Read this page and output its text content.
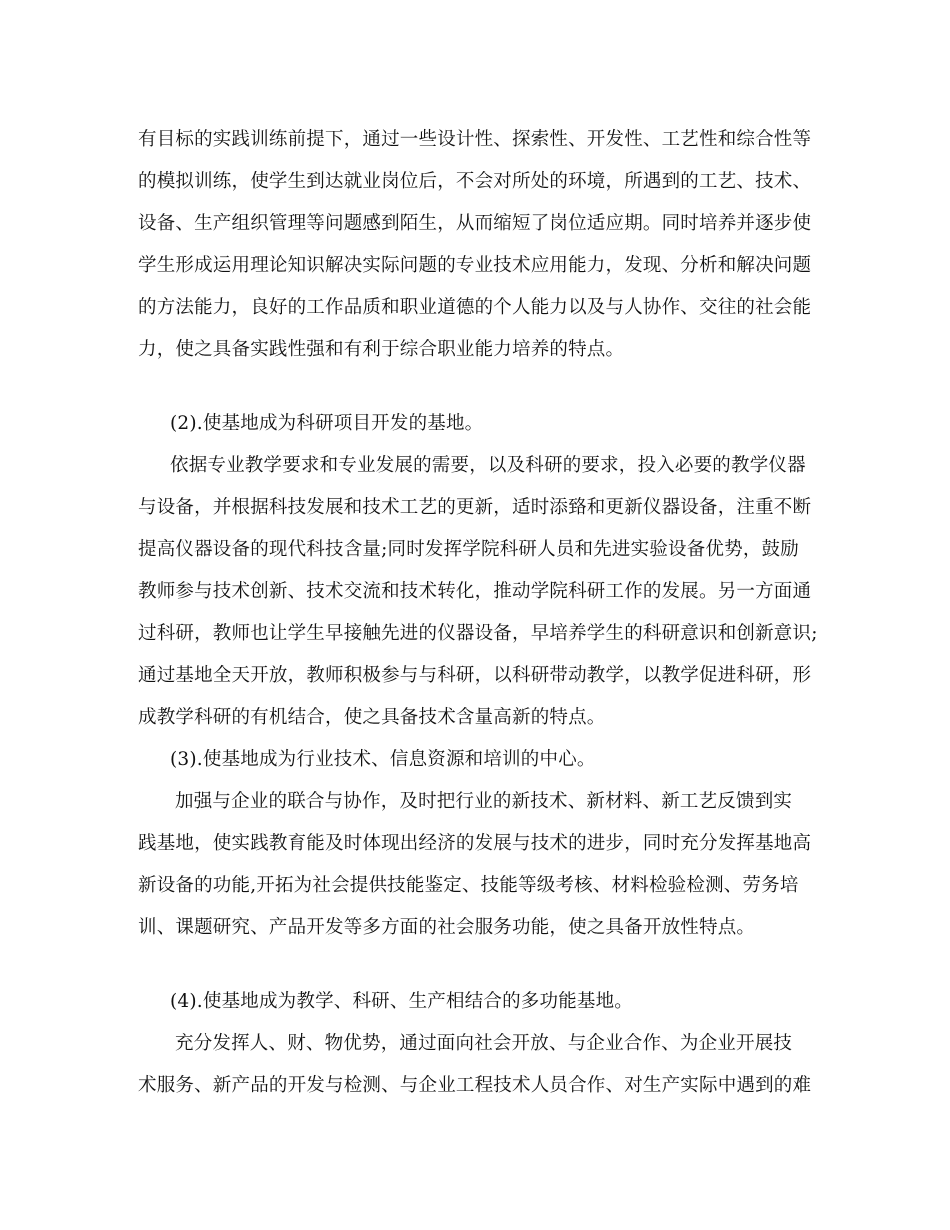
有目标的实践训练前提下，通过一些设计性、探索性、开发性、工艺性和综合性等
的模拟训练，使学生到达就业岗位后，不会对所处的环境，所遇到的工艺、技术、
设备、生产组织管理等问题感到陌生，从而缩短了岗位适应期。同时培养并逐步使
学生形成运用理论知识解决实际问题的专业技术应用能力，发现、分析和解决问题
的方法能力，良好的工作品质和职业道德的个人能力以及与人协作、交往的社会能
力，使之具备实践性强和有利于综合职业能力培养的特点。
(2).使基地成为科研项目开发的基地。
依据专业教学要求和专业发展的需要，以及科研的要求，投入必要的教学仪器
与设备，并根据科技发展和技术工艺的更新，适时添臵和更新仪器设备，注重不断
提高仪器设备的现代科技含量;同时发挥学院科研人员和先进实验设备优势，鼓励
教师参与技术创新、技术交流和技术转化，推动学院科研工作的发展。另一方面通
过科研，教师也让学生早接触先进的仪器设备，早培养学生的科研意识和创新意识;
通过基地全天开放，教师积极参与与科研，以科研带动教学，以教学促进科研，形
成教学科研的有机结合，使之具备技术含量高新的特点。
(3).使基地成为行业技术、信息资源和培训的中心。
加强与企业的联合与协作，及时把行业的新技术、新材料、新工艺反馈到实
践基地，使实践教育能及时体现出经济的发展与技术的进步，同时充分发挥基地高
新设备的功能,开拓为社会提供技能鉴定、技能等级考核、材料检验检测、劳务培
训、课题研究、产品开发等多方面的社会服务功能，使之具备开放性特点。
(4).使基地成为教学、科研、生产相结合的多功能基地。
充分发挥人、财、物优势，通过面向社会开放、与企业合作、为企业开展技
术服务、新产品的开发与检测、与企业工程技术人员合作、对生产实际中遇到的难
